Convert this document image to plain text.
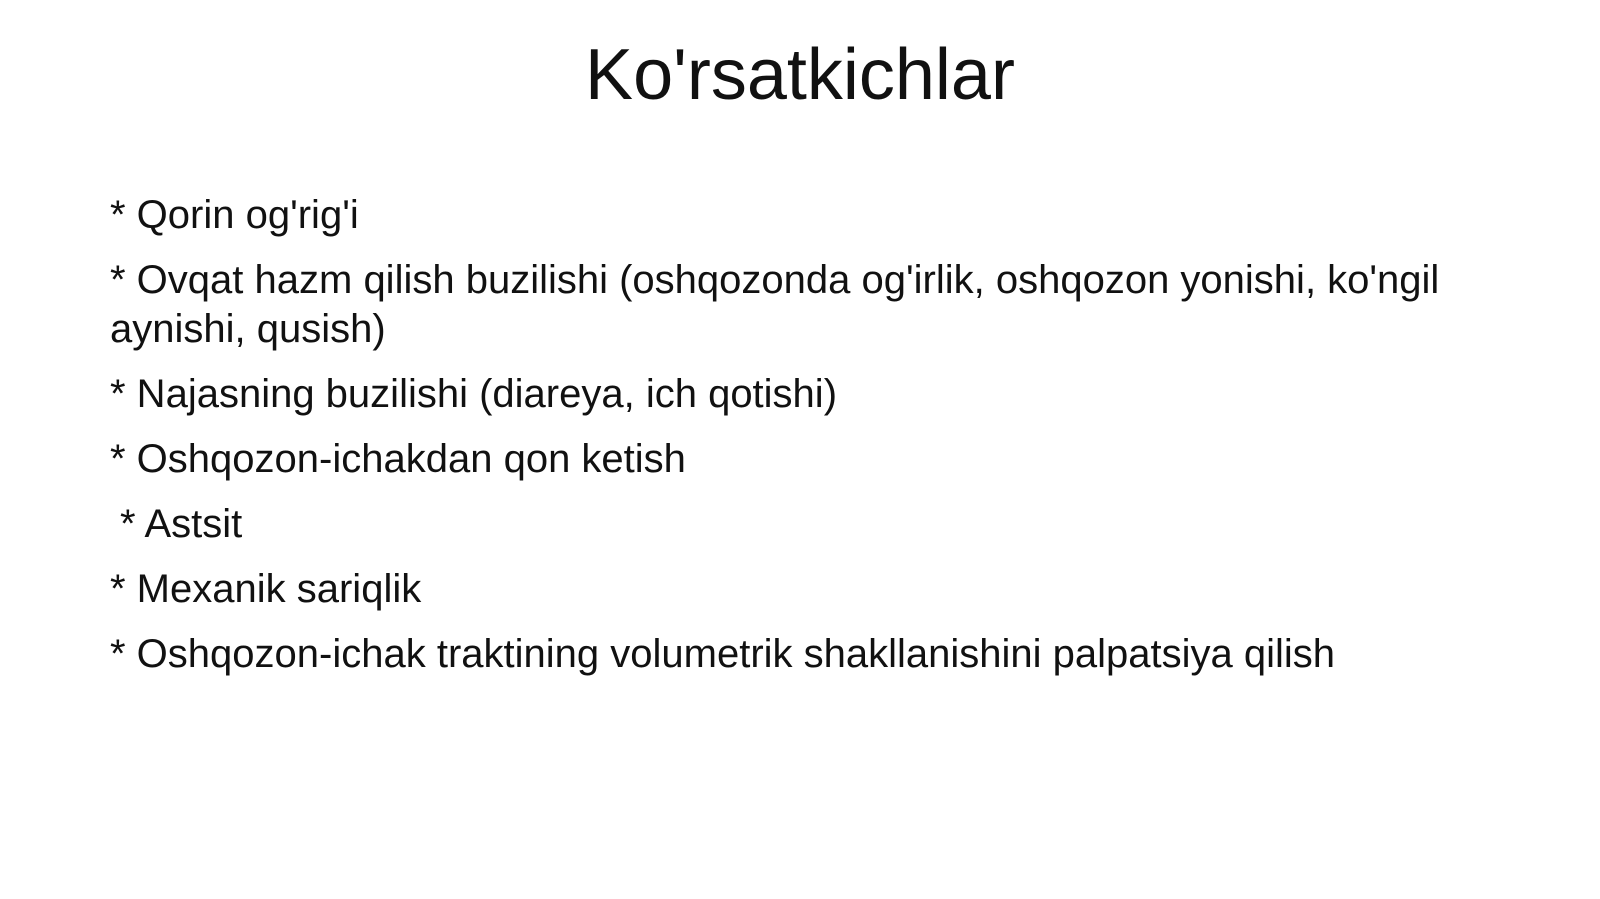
Ko'rsatkichlar
* Qorin og'rig'i
* Ovqat hazm qilish buzilishi (oshqozonda og'irlik, oshqozon yonishi, ko'ngil aynishi, qusish)
* Najasning buzilishi (diareya, ich qotishi)
* Oshqozon-ichakdan qon ketish
* Astsit
* Mexanik sariqlik
* Oshqozon-ichak traktining volumetrik shakllanishini palpatsiya qilish
